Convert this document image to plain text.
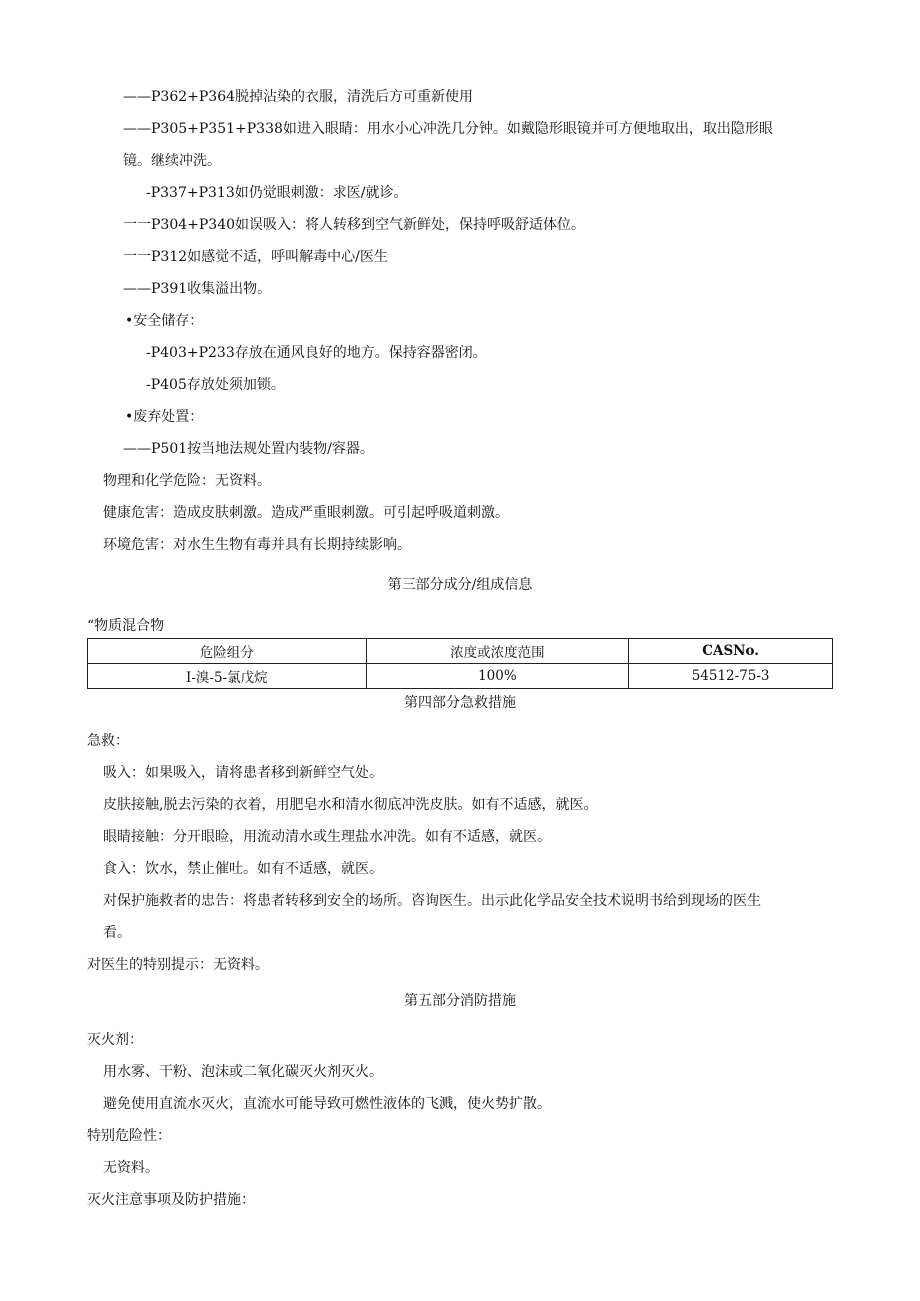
——P362+P364脱掉沾染的衣服，清洗后方可重新使用
——P305+P351+P338如进入眼睛：用水小心冲洗几分钟。如戴隐形眼镜并可方便地取出，取出隐形眼
镜。继续冲洗。
-P337+P313如仍觉眼刺激：求医/就诊。
一一P304+P340如误吸入：将人转移到空气新鲜处，保持呼吸舒适体位。
一一P312如感觉不适，呼叫解毒中心/医生
——P391收集溢出物。
•安全储存：
-P403+P233存放在通风良好的地方。保持容器密闭。
-P405存放处须加锁。
•废弃处置：
——P501按当地法规处置内装物/容器。
物理和化学危险：无资料。
健康危害：造成皮肤刺激。造成严重眼刺激。可引起呼吸道刺激。
环境危害：对水生生物有毒并具有长期持续影响。
第三部分成分/组成信息
“物质混合物
危险组分	浓度或浓度范围	CASNo.
I-溴-5-氯戊烷	100%	54512-75-3
第四部分急救措施
急救：
吸入：如果吸入，请将患者移到新鲜空气处。
皮肤接触,脱去污染的衣着，用肥皂水和清水彻底冲洗皮肤。如有不适感，就医。
眼睛接触：分开眼睑，用流动清水或生理盐水冲洗。如有不适感，就医。
食入：饮水，禁止催吐。如有不适感，就医。
对保护施救者的忠告：将患者转移到安全的场所。咨询医生。出示此化学品安全技术说明书给到现场的医生
看。
对医生的特别提示：无资料。
第五部分消防措施
灭火剂：
用水雾、干粉、泡沫或二氧化碳灭火剂灭火。
避免使用直流水灭火，直流水可能导致可燃性液体的飞溅，使火势扩散。
特别危险性：
无资料。
灭火注意事项及防护措施：
